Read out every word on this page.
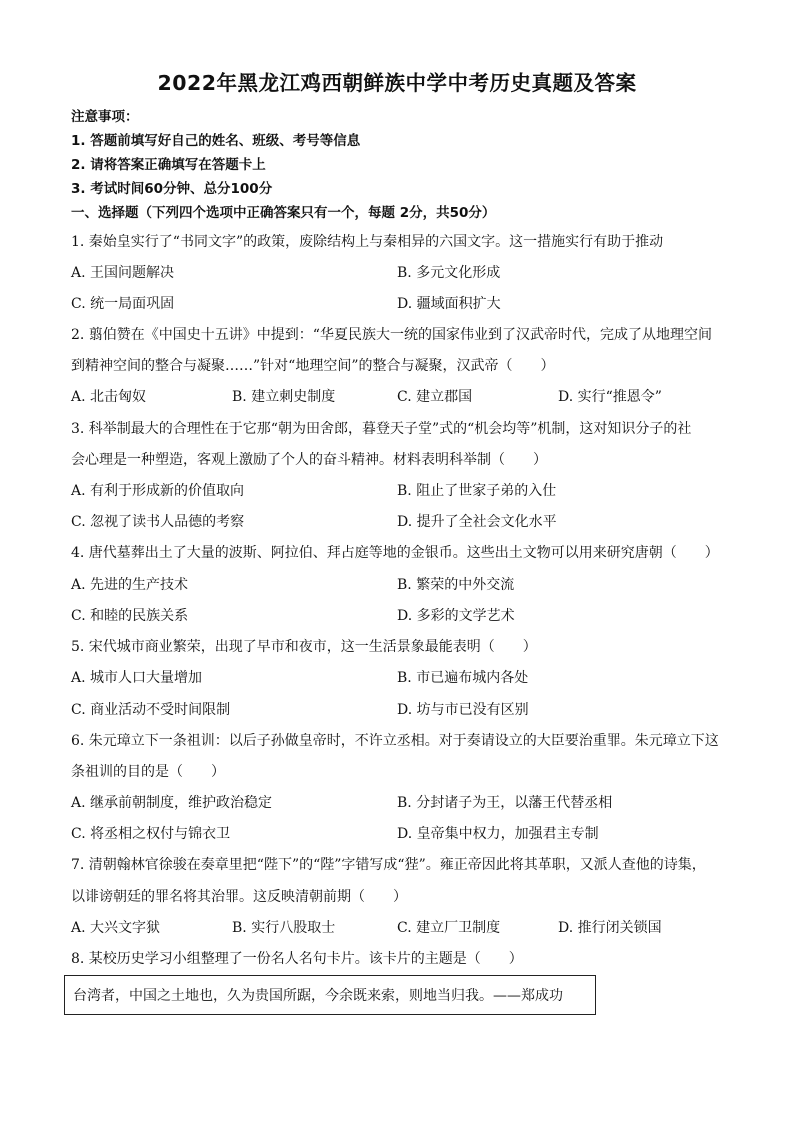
2022年黑龙江鸡西朝鲜族中学中考历史真题及答案
注意事项：
1. 答题前填写好自己的姓名、班级、考号等信息
2. 请将答案正确填写在答题卡上
3. 考试时间60分钟、总分100分
一、选择题（下列四个选项中正确答案只有一个，每题 2分，共50分）
1. 秦始皇实行了“书同文字”的政策，废除结构上与秦相异的六国文字。这一措施实行有助于推动
A. 王国问题解决	B. 多元文化形成
C. 统一局面巩固	D. 疆域面积扩大
2. 翦伯赞在《中国史十五讲》中提到：“华夏民族大一统的国家伟业到了汉武帝时代，完成了从地理空间
到精神空间的整合与凝聚……”针对“地理空间”的整合与凝聚，汉武帝（　　）
A. 北击匈奴	B. 建立刺史制度	C. 建立郡国	D. 实行“推恩令”
3. 科举制最大的合理性在于它那“朝为田舍郎，暮登天子堂”式的“机会均等”机制，这对知识分子的社
会心理是一种塑造，客观上激励了个人的奋斗精神。材料表明科举制（　　）
A. 有利于形成新的价值取向	B. 阻止了世家子弟的入仕
C. 忽视了读书人品德的考察	D. 提升了全社会文化水平
4. 唐代墓葬出土了大量的波斯、阿拉伯、拜占庭等地的金银币。这些出土文物可以用来研究唐朝（　　）
A. 先进的生产技术	B. 繁荣的中外交流
C. 和睦的民族关系	D. 多彩的文学艺术
5. 宋代城市商业繁荣，出现了早市和夜市，这一生活景象最能表明（　　）
A. 城市人口大量增加	B. 市已遍布城内各处
C. 商业活动不受时间限制	D. 坊与市已没有区别
6. 朱元璋立下一条祖训：以后子孙做皇帝时，不许立丞相。对于奏请设立的大臣要治重罪。朱元璋立下这
条祖训的目的是（　　）
A. 继承前朝制度，维护政治稳定	B. 分封诸子为王，以藩王代替丞相
C. 将丞相之权付与锦衣卫	D. 皇帝集中权力，加强君主专制
7. 清朝翰林官徐骏在奏章里把“陛下”的“陛”字错写成“狴”。雍正帝因此将其革职，又派人查他的诗集，
以诽谤朝廷的罪名将其治罪。这反映清朝前期（　　）
A. 大兴文字狱	B. 实行八股取士	C. 建立厂卫制度	D. 推行闭关锁国
8. 某校历史学习小组整理了一份名人名句卡片。该卡片的主题是（　　）
台湾者，中国之土地也，久为贵国所踞，今余既来索，则地当归我。——郑成功
